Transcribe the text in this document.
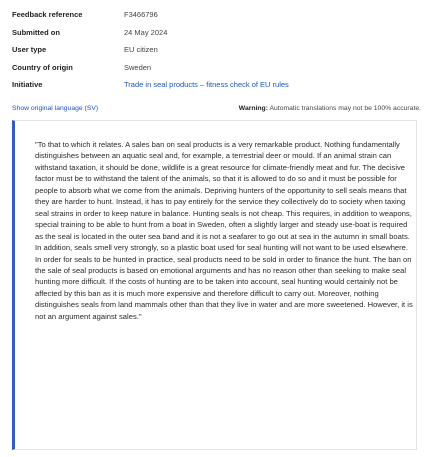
Feedback reference	F3466796
Submitted on	24 May 2024
User type	EU citizen
Country of origin	Sweden
Initiative	Trade in seal products – fitness check of EU rules
Show original language (SV)	Warning: Automatic translations may not be 100% accurate.

"To that to which it relates. A sales ban on seal products is a very remarkable product. Nothing fundamentally distinguishes between an aquatic seal and, for example, a terrestrial deer or mould. If an animal strain can withstand taxation, it should be done, wildlife is a great resource for climate-friendly meat and fur. The decisive factor must be to withstand the talent of the animals, so that it is allowed to do so and it must be possible for people to absorb what we come from the animals. Depriving hunters of the opportunity to sell seals means that they are harder to hunt. Instead, it has to pay entirely for the service they collectively do to society when taxing seal strains in order to keep nature in balance. Hunting seals is not cheap. This requires, in addition to weapons, special training to be able to hunt from a boat in Sweden, often a slightly larger and steady use-boat is required as the seal is located in the outer sea band and it is not a seafarer to go out at sea in the autumn in small boats. In addition, seals smell very strongly, so a plastic boat used for seal hunting will not want to be used elsewhere. In order for seals to be hunted in practice, seal products need to be sold in order to finance the hunt. The ban on the sale of seal products is based on emotional arguments and has no reason other than seeking to make seal hunting more difficult. If the costs of hunting are to be taken into account, seal hunting would certainly not be affected by this ban as it is much more expensive and therefore difficult to carry out. Moreover, nothing distinguishes seals from land mammals other than that they live in water and are more sweetened. However, it is not an argument against sales."
